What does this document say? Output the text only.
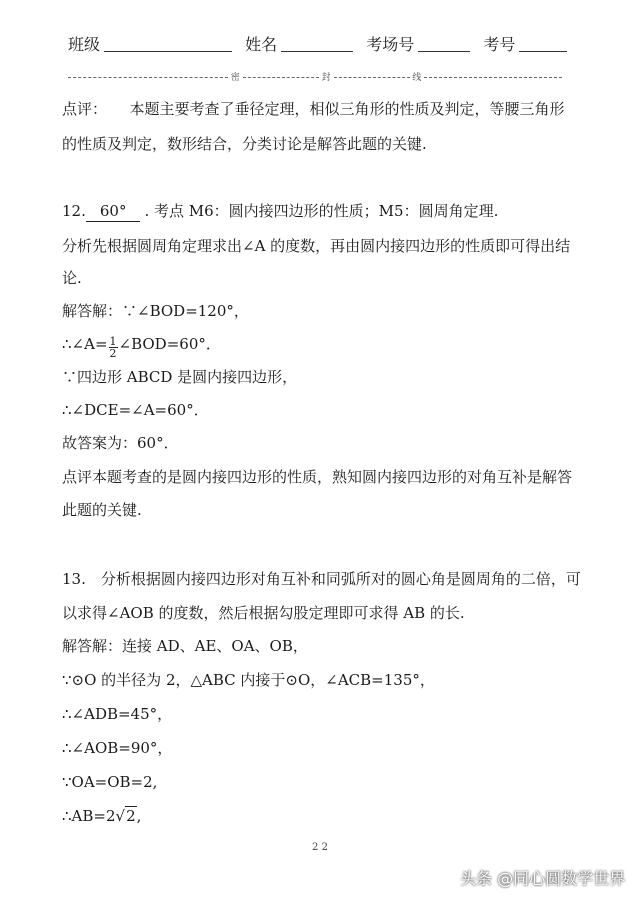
班级	姓名	考场号	考号
密	封	线
点评：　　本题主要考查了垂径定理，相似三角形的性质及判定，等腰三角形
的性质及判定，数形结合，分类讨论是解答此题的关键.
12. 60° . 考点 M6：圆内接四边形的性质；M5：圆周角定理.
分析先根据圆周角定理求出∠A 的度数，再由圆内接四边形的性质即可得出结
论.
解答解：∵∠BOD=120°，
∴∠A= $\frac{1}{2}$ ∠BOD=60°．
∵四边形 ABCD 是圆内接四边形，
∴∠DCE=∠A=60°．
故答案为：60°．
点评本题考查的是圆内接四边形的性质，熟知圆内接四边形的对角互补是解答
此题的关键.
13.　分析根据圆内接四边形对角互补和同弧所对的圆心角是圆周角的二倍，可
以求得∠AOB 的度数，然后根据勾股定理即可求得 AB 的长.
解答解：连接 AD、AE、OA、OB，
∵⊙O 的半径为 2，△ABC 内接于⊙O，∠ACB=135°，
∴∠ADB=45°，
∴∠AOB=90°，
∵OA=OB=2,
∴AB=2√2,
2 2
头条 @同心圆数学世界
